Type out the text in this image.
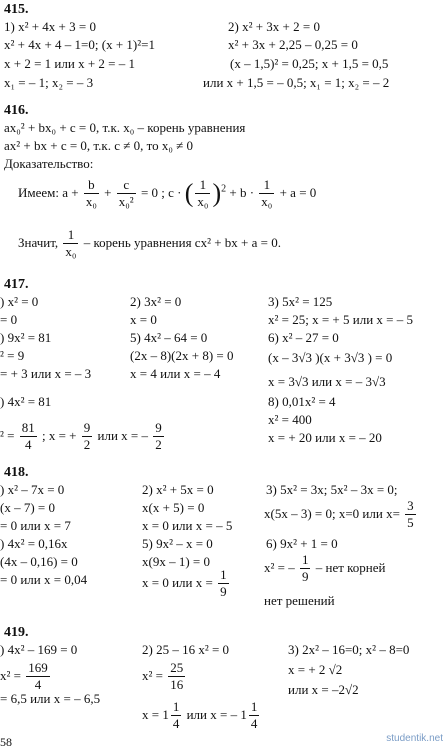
415.
1) x² + 4x + 3 = 0	2) x² + 3x + 2 = 0
x² + 4x + 4 – 1=0; (x + 1)²=1	x² + 3x + 2,25 – 0,25 = 0
x + 2 = 1 или x + 2 = – 1	(x – 1,5)² = 0,25; x + 1,5 = 0,5
x₁ = – 1; x₂ = – 3	или x + 1,5 = – 0,5; x₁ = 1; x₂ = – 2
416.
ax₀² + bx₀ + c = 0, т.к. x₀ – корень уравнения
ax² + bx + c = 0, т.к. c ≠ 0, то x₀ ≠ 0
Доказательство:
Имеем: $a + \frac{b}{\text{x₀}} + \frac{c}{\text{x₀²}} = 0$ ; c · ( $\frac{1}{\text{x₀}} )^2 + b \cdot \frac{1}{\text{x₀}} + a = 0$
Значит, $\frac{1}{\text{x₀}}$ – корень уравнения cx² + bx + a = 0.
417.
) x² = 0
= 0
) 9x² = 81
² = 9
= + 3 или x = – 3
) 4x² = 81
$^2 = \frac{81}{4}$ ; x = + $\frac{9}{2}$ или x = – $\frac{9}{2}$
2) 3x² = 0
x = 0
5) 4x² – 64 = 0
(2x – 8)(2x + 8) = 0
x = 4 или x = – 4
3) 5x² = 125
x² = 25; x = + 5 или x = – 5
6) x² – 27 = 0
(x – 3√3 )(x + 3√3 ) = 0
x = 3√3 или x = – 3√3
8) 0,01x² = 4
x² = 400
x = + 20 или x = – 20
418.
) x² – 7x = 0
(x – 7) = 0
= 0 или x = 7
) 4x² = 0,16x
(4x – 0,16) = 0
= 0 или x = 0,04
2) x² + 5x = 0
x(x + 5) = 0
x = 0 или x = – 5
5) 9x² – x = 0
x(9x – 1) = 0
x = 0 или $x = \frac{1}{9}$
3) 5x² = 3x; 5x² – 3x = 0;
x(5x – 3) = 0; x=0 или $x= \frac{3}{5}$
6) 9x² + 1 = 0
x² = – $\frac{1}{9}$ – нет корней
нет решений
419.
) 4x² – 169 = 0
$x^2 = \frac{169}{4}$
= 6,5 или x = – 6,5
2) 25 – 16 x² = 0
$x^2 = \frac{25}{16}$
$x = 1 \frac{1}{4}$ или x = – $1 \frac{1}{4}$
3) 2x² – 16=0; x² – 8=0
x = + 2 √2
или x = –2√2
58	studentik.net
